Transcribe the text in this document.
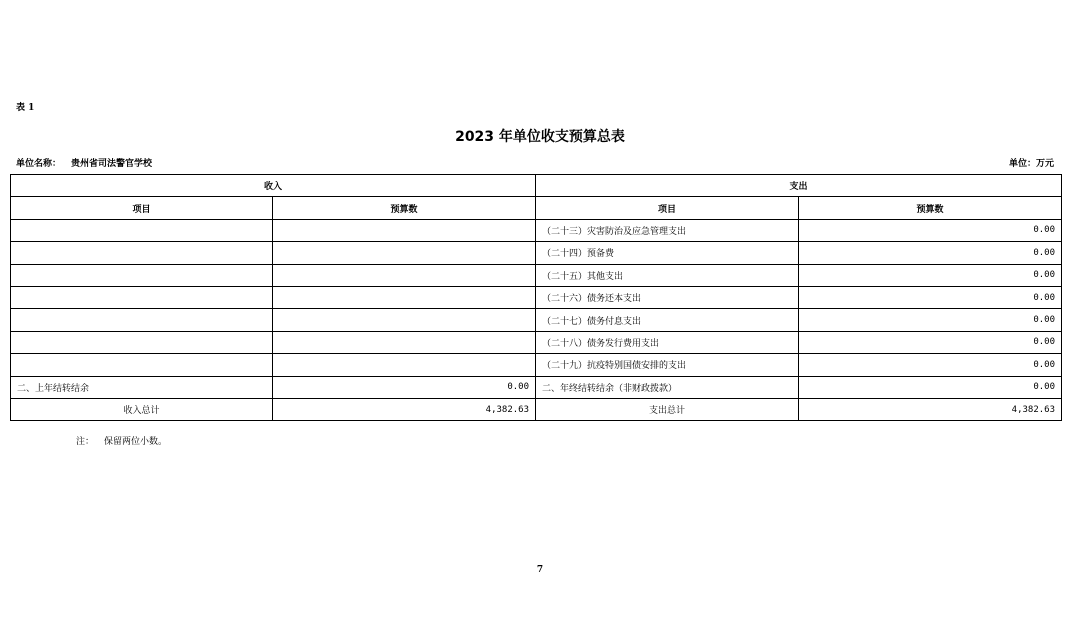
表 1
2023 年单位收支预算总表
单位名称： 贵州省司法警官学校	单位：万元
收入		支出	
项目	预算数	项目	预算数
		（二十三）灾害防治及应急管理支出	0.00
		（二十四）预备费	0.00
		（二十五）其他支出	0.00
		（二十六）债务还本支出	0.00
		（二十七）债务付息支出	0.00
		（二十八）债务发行费用支出	0.00
		（二十九）抗疫特别国债安排的支出	0.00
二、上年结转结余	0.00	二、年终结转结余（非财政拨款）	0.00
收入总计	4,382.63	支出总计	4,382.63
注： 保留两位小数。
7
